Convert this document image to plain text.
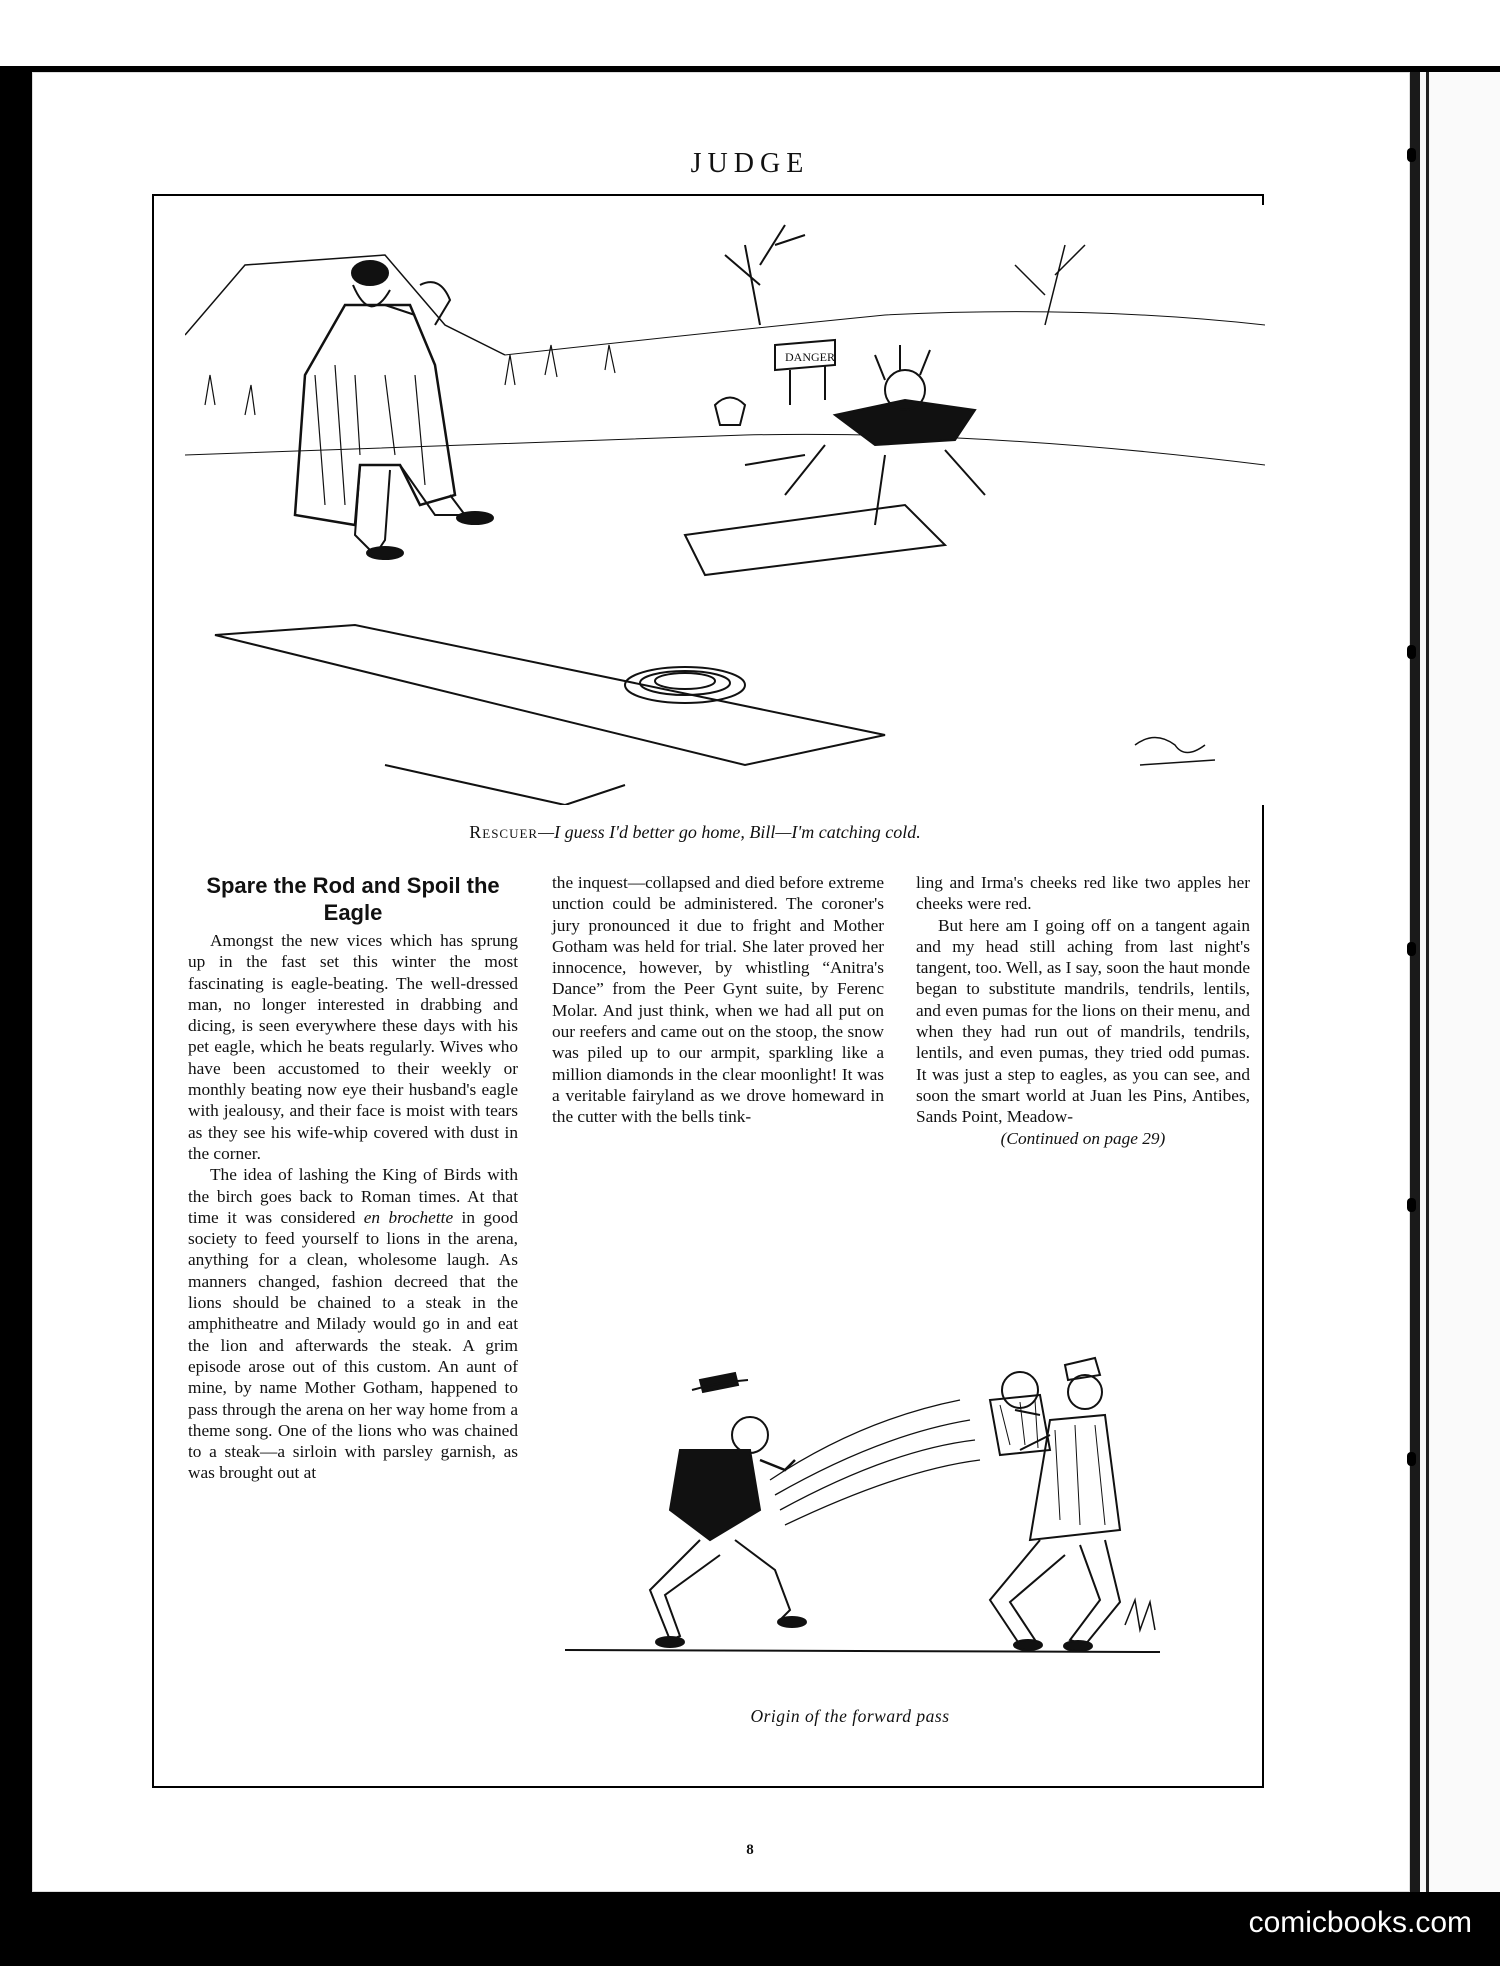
JUDGE
DANGER
Rescuer—I guess I'd better go home, Bill—I'm catching cold.
Spare the Rod and Spoil the Eagle

Amongst the new vices which has sprung up in the fast set this winter the most fascinating is eagle-beating. The well-dressed man, no longer interested in drabbing and dicing, is seen everywhere these days with his pet eagle, which he beats regularly. Wives who have been accustomed to their weekly or monthly beating now eye their husband's eagle with jealousy, and their face is moist with tears as they see his wife-whip covered with dust in the corner.

The idea of lashing the King of Birds with the birch goes back to Roman times. At that time it was considered en brochette in good society to feed yourself to lions in the arena, anything for a clean, wholesome laugh. As manners changed, fashion decreed that the lions should be chained to a steak in the amphitheatre and Milady would go in and eat the lion and afterwards the steak. A grim episode arose out of this custom. An aunt of mine, by name Mother Gotham, happened to pass through the arena on her way home from a theme song. One of the lions who was chained to a steak—a sirloin with parsley garnish, as was brought out at

the inquest—collapsed and died before extreme unction could be administered. The coroner's jury pronounced it due to fright and Mother Gotham was held for trial. She later proved her innocence, however, by whistling “Anitra's Dance” from the Peer Gynt suite, by Ferenc Molar. And just think, when we had all put on our reefers and came out on the stoop, the snow was piled up to our armpit, sparkling like a million diamonds in the clear moonlight! It was a veritable fairyland as we drove homeward in the cutter with the bells tink-

ling and Irma's cheeks red like two apples her cheeks were red.

But here am I going off on a tangent again and my head still aching from last night's tangent, too. Well, as I say, soon the haut monde began to substitute mandrils, tendrils, lentils, and even pumas for the lions on their menu, and when they had run out of mandrils, tendrils, lentils, and even pumas, they tried odd pumas. It was just a step to eagles, as you can see, and soon the smart world at Juan les Pins, Antibes, Sands Point, Meadow-

(Continued on page 29)
Origin of the forward pass
8
comicbooks.com
